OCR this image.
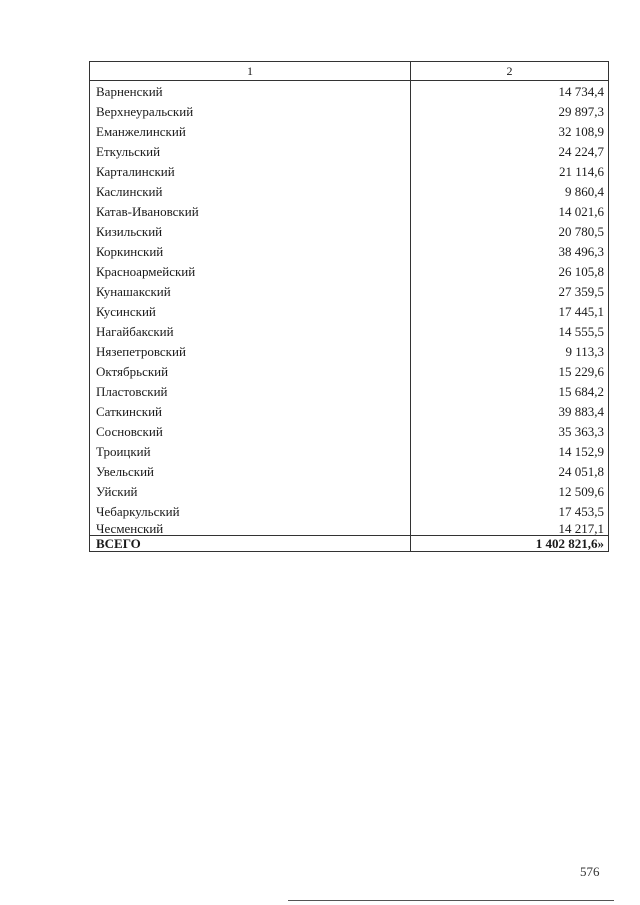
1	2
Варненский	14 734,4
Верхнеуральский	29 897,3
Еманжелинский	32 108,9
Еткульский	24 224,7
Карталинский	21 114,6
Каслинский	9 860,4
Катав-Ивановский	14 021,6
Кизильский	20 780,5
Коркинский	38 496,3
Красноармейский	26 105,8
Кунашакский	27 359,5
Кусинский	17 445,1
Нагайбакский	14 555,5
Нязепетровский	9 113,3
Октябрьский	15 229,6
Пластовский	15 684,2
Саткинский	39 883,4
Сосновский	35 363,3
Троицкий	14 152,9
Увельский	24 051,8
Уйский	12 509,6
Чебаркульский	17 453,5
Чесменский	14 217,1
ВСЕГО	1 402 821,6»
576
